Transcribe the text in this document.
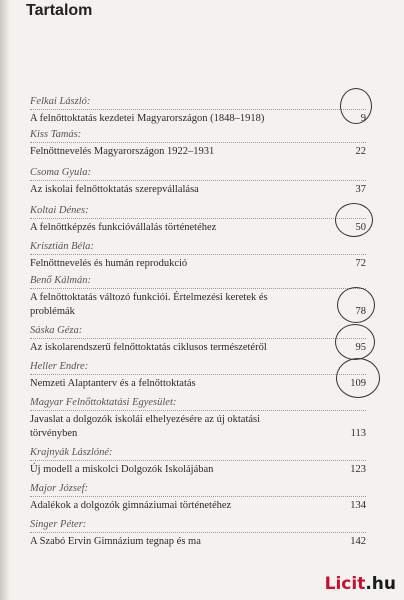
Tartalom
Felkai László:
A felnőttoktatás kezdetei Magyarországon (1848–1918)	9
Kiss Tamás:
Felnőttnevelés Magyarországon 1922–1931	22
Csoma Gyula:
Az iskolai felnőttoktatás szerepvállalása	37
Koltai Dénes:
A felnőttképzés funkcióvállalás történetéhez	50
Krisztián Béla:
Felnőttnevelés és humán reprodukció	72
Benő Kálmán:
A felnőttoktatás változó funkciói. Értelmezési keretek és problémák	78
Sáska Géza:
Az iskolarendszerű felnőttoktatás ciklusos természetéről	95
Heller Endre:
Nemzeti Alaptanterv és a felnőttoktatás	109
Magyar Felnőttoktatási Egyesület:
Javaslat a dolgozók iskolái elhelyezésére az új oktatási törvényben	113
Krajnyák Lászlóné:
Új modell a miskolci Dolgozók Iskolájában	123
Major József:
Adalékok a dolgozók gimnáziumai történetéhez	134
Singer Péter:
A Szabó Ervin Gimnázium tegnap és ma	142
Licit.hu
